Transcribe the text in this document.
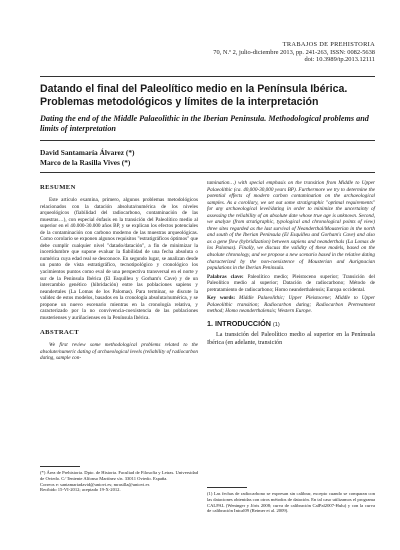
TRABAJOS DE PREHISTORIA
70, N.º 2, julio-diciembre 2013, pp. 241-263, ISSN: 0082-5638
doi: 10.3989/tp.2013.12111
Datando el final del Paleolítico medio en la Península Ibérica. Problemas metodológicos y límites de la interpretación
Dating the end of the Middle Palaeolithic in the Iberian Peninsula. Methodological problems and limits of interpretation
David Santamaría Álvarez (*)
Marco de la Rasilla Vives (*)
RESUMEN

Este artículo examina, primero, algunos problemas metodológicos relacionados con la datación absoluta/numérica de los niveles arqueológicos (fiabilidad del radiocarbono, contaminación de las muestras…), con especial énfasis en la transición del Paleolítico medio al superior en el 40.000-30.000 años BP, y se explican los efectos potenciales de la contaminación con carbono moderno de las muestras arqueológicas. Como corolario se exponen algunos requisitos "estratigráficos óptimos" que debe cumplir cualquier nivel "datado/datación", a fin de minimizar la incertidumbre que supone evaluar la fiabilidad de una fecha absoluta o numérica cuya edad real se desconoce. En segundo lugar, se analizan desde un punto de vista estratigráfico, tecnotipológico y cronológico los yacimientos puntos como eval de una perspectiva transversal en el norte y sur de la Península Ibérica (El Esquilleu y Gorham's Cave) y de un intercambio genético (hibridación) entre las poblaciones sapiens y neandertales (La Lomas de los Palomas). Para terminar, se discute la validez de estos modelos, basados en la cronología absoluta/numérica, y se propone un nuevo escenario mientras en la cronología relativa, y caracterizado por la no convivencia-coexistencia de las poblaciones musterienses y auriñacienses en la Península Ibérica.

ABSTRACT

We first review some methodological problems related to the absolute/numeric dating of archaeological levels (reliability of radiocarbon dating, sample con-

tamination…) with special emphasis on the transition from Middle to Upper Palaeolithic (ca. 40,000-30,000 years BP). Furthermore we try to determine the potential effects of modern carbon contamination on the archaeological samples. As a corollary, we set out some stratigraphic "optimal requirements" for any archaeological level/dating in order to minimize the uncertainty of assessing the reliability of an absolute date whose true age is unknown. Second, we analyze (from stratigraphic, typological and chronological points of view) three sites regarded as the last survival of Neanderthal/Mousterian in the north and south of the Iberian Peninsula (El Esquilleu and Gorham's Cave) and also as a gene flow (hybridization) between sapiens and neanderthals (La Lomas de los Palomas). Finally, we discuss the validity of these models, based on the absolute chronology, and we propose a new scenario based in the relative dating characterized by the non-coexistence of Mousterian and Aurignacian populations in the Iberian Peninsula.

Palabras clave: Paleolítico medio; Pleistoceno superior; Transición del Paleolítico medio al superior; Datación de radiocarbono; Método de pretratamiento de radiocarbono; Homo neanderthalensis; Europa occidental.

Key words: Middle Palaeolithic; Upper Pleistocene; Middle to Upper Palaeolithic transition; Radiocarbon dating; Radiocarbon Pretreatment method; Homo neanderthalensis; Western Europe.

1. INTRODUCCIÓN (1)

La transición del Paleolítico medio al superior en la Península Ibérica (en adelante, transición

(*) Área de Prehistoria. Dpto. de Historia. Facultad de Filosofía y Letras. Universidad de Oviedo. C/ Teniente Alfonso Martínez s/n. 33011 Oviedo. España.

Correos e: santamariadavid@uniovi.es; mrasilla@uniovi.es

Recibido 15-VI-2012; aceptado 19-X-2012.

(1) Las fechas de radiocarbono se expresan sin calibrar, excepto cuando se comparan con las dataciones obtenidas con otros métodos de datación. En tal caso utilizamos el programa CALPAL (Weninger y Jöris 2008; curva de calibración CalPal2007-Hulu) y con la curva de calibración Intcal09 (Reimer et al. 2009).
